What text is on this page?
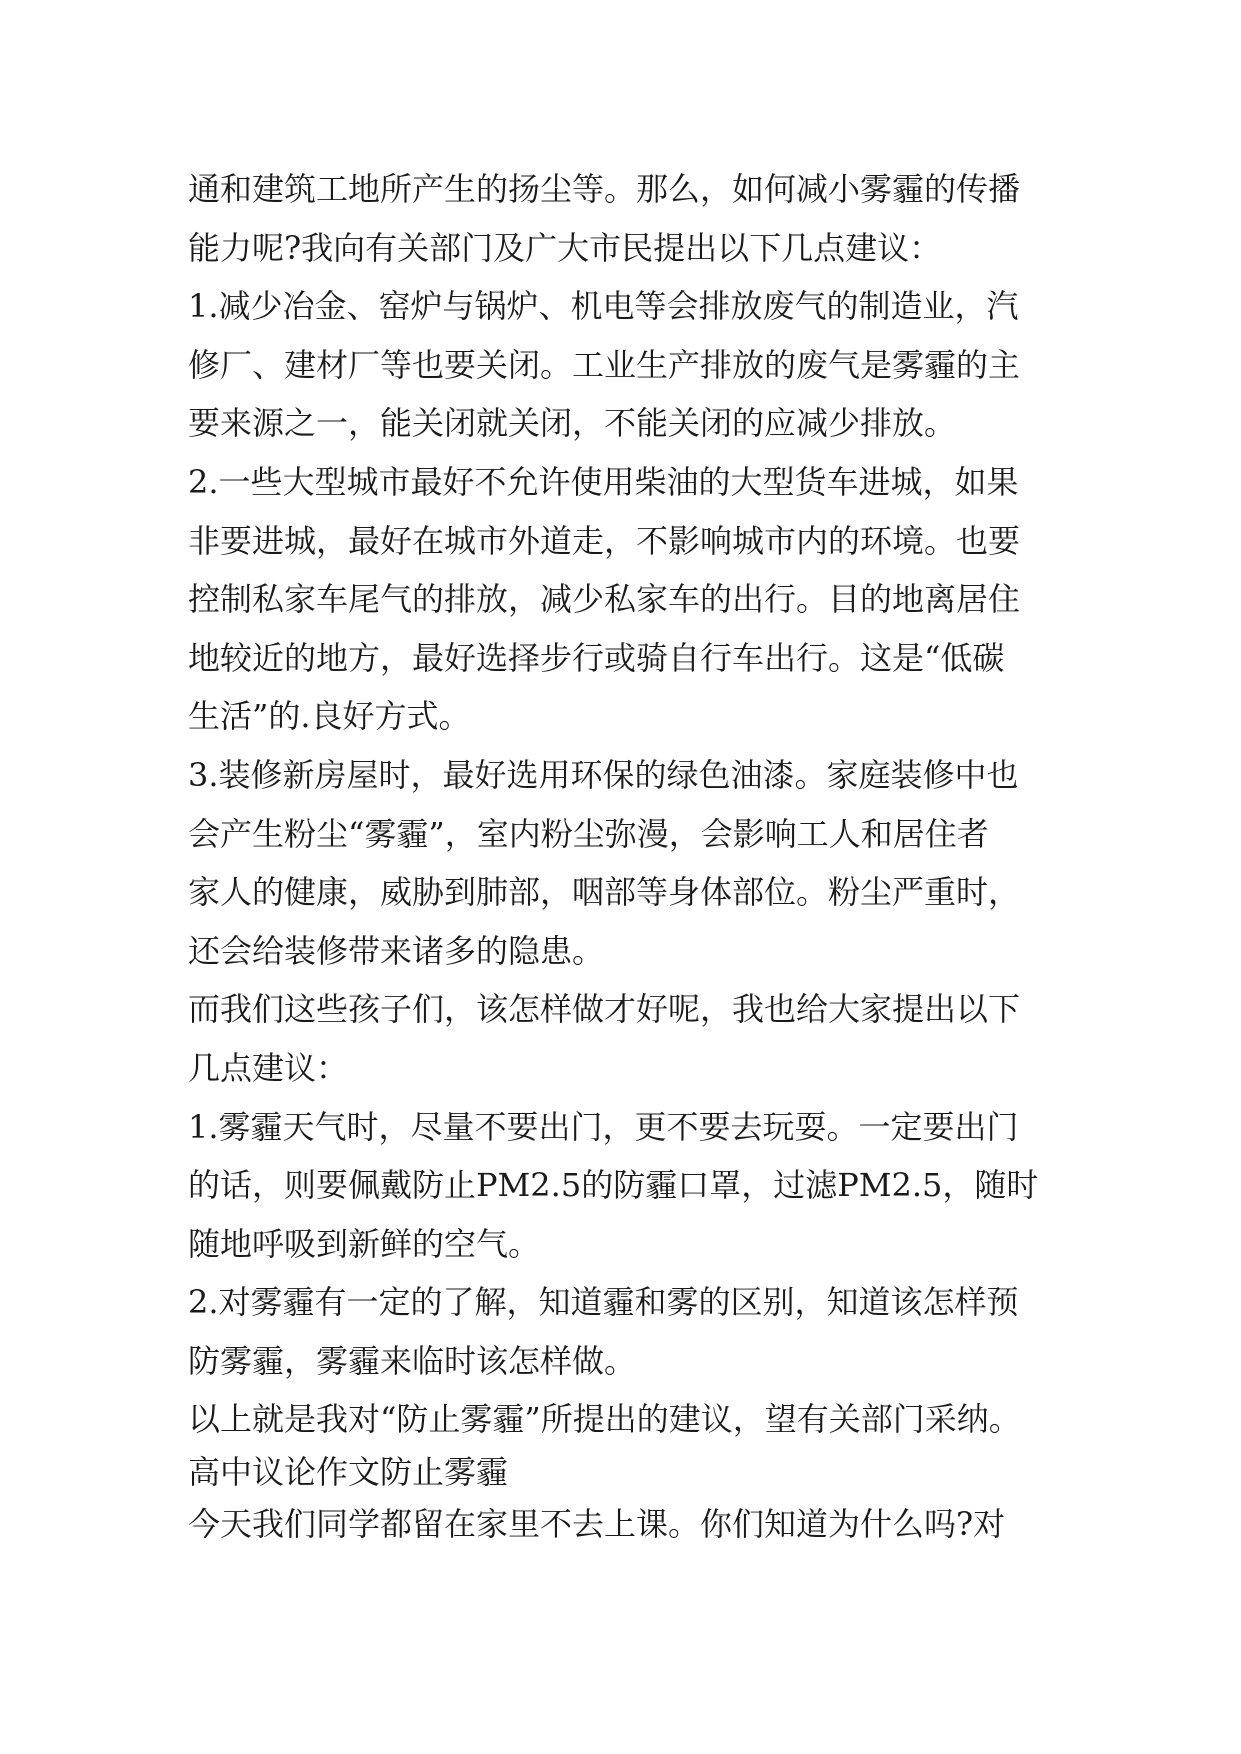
通和建筑工地所产生的扬尘等。那么，如何减小雾霾的传播
能力呢?我向有关部门及广大市民提出以下几点建议：
1.减少冶金、窑炉与锅炉、机电等会排放废气的制造业，汽
修厂、建材厂等也要关闭。工业生产排放的废气是雾霾的主
要来源之一，能关闭就关闭，不能关闭的应减少排放。
2.一些大型城市最好不允许使用柴油的大型货车进城，如果
非要进城，最好在城市外道走，不影响城市内的环境。也要
控制私家车尾气的排放，减少私家车的出行。目的地离居住
地较近的地方，最好选择步行或骑自行车出行。这是“低碳
生活”的.良好方式。
3.装修新房屋时，最好选用环保的绿色油漆。家庭装修中也
会产生粉尘“雾霾”，室内粉尘弥漫，会影响工人和居住者
家人的健康，威胁到肺部，咽部等身体部位。粉尘严重时，
还会给装修带来诸多的隐患。
而我们这些孩子们，该怎样做才好呢，我也给大家提出以下
几点建议：
1.雾霾天气时，尽量不要出门，更不要去玩耍。一定要出门
的话，则要佩戴防止PM2.5的防霾口罩，过滤PM2.5，随时
随地呼吸到新鲜的空气。
2.对雾霾有一定的了解，知道霾和雾的区别，知道该怎样预
防雾霾，雾霾来临时该怎样做。
以上就是我对“防止雾霾”所提出的建议，望有关部门采纳。
高中议论作文防止雾霾
今天我们同学都留在家里不去上课。你们知道为什么吗?对
